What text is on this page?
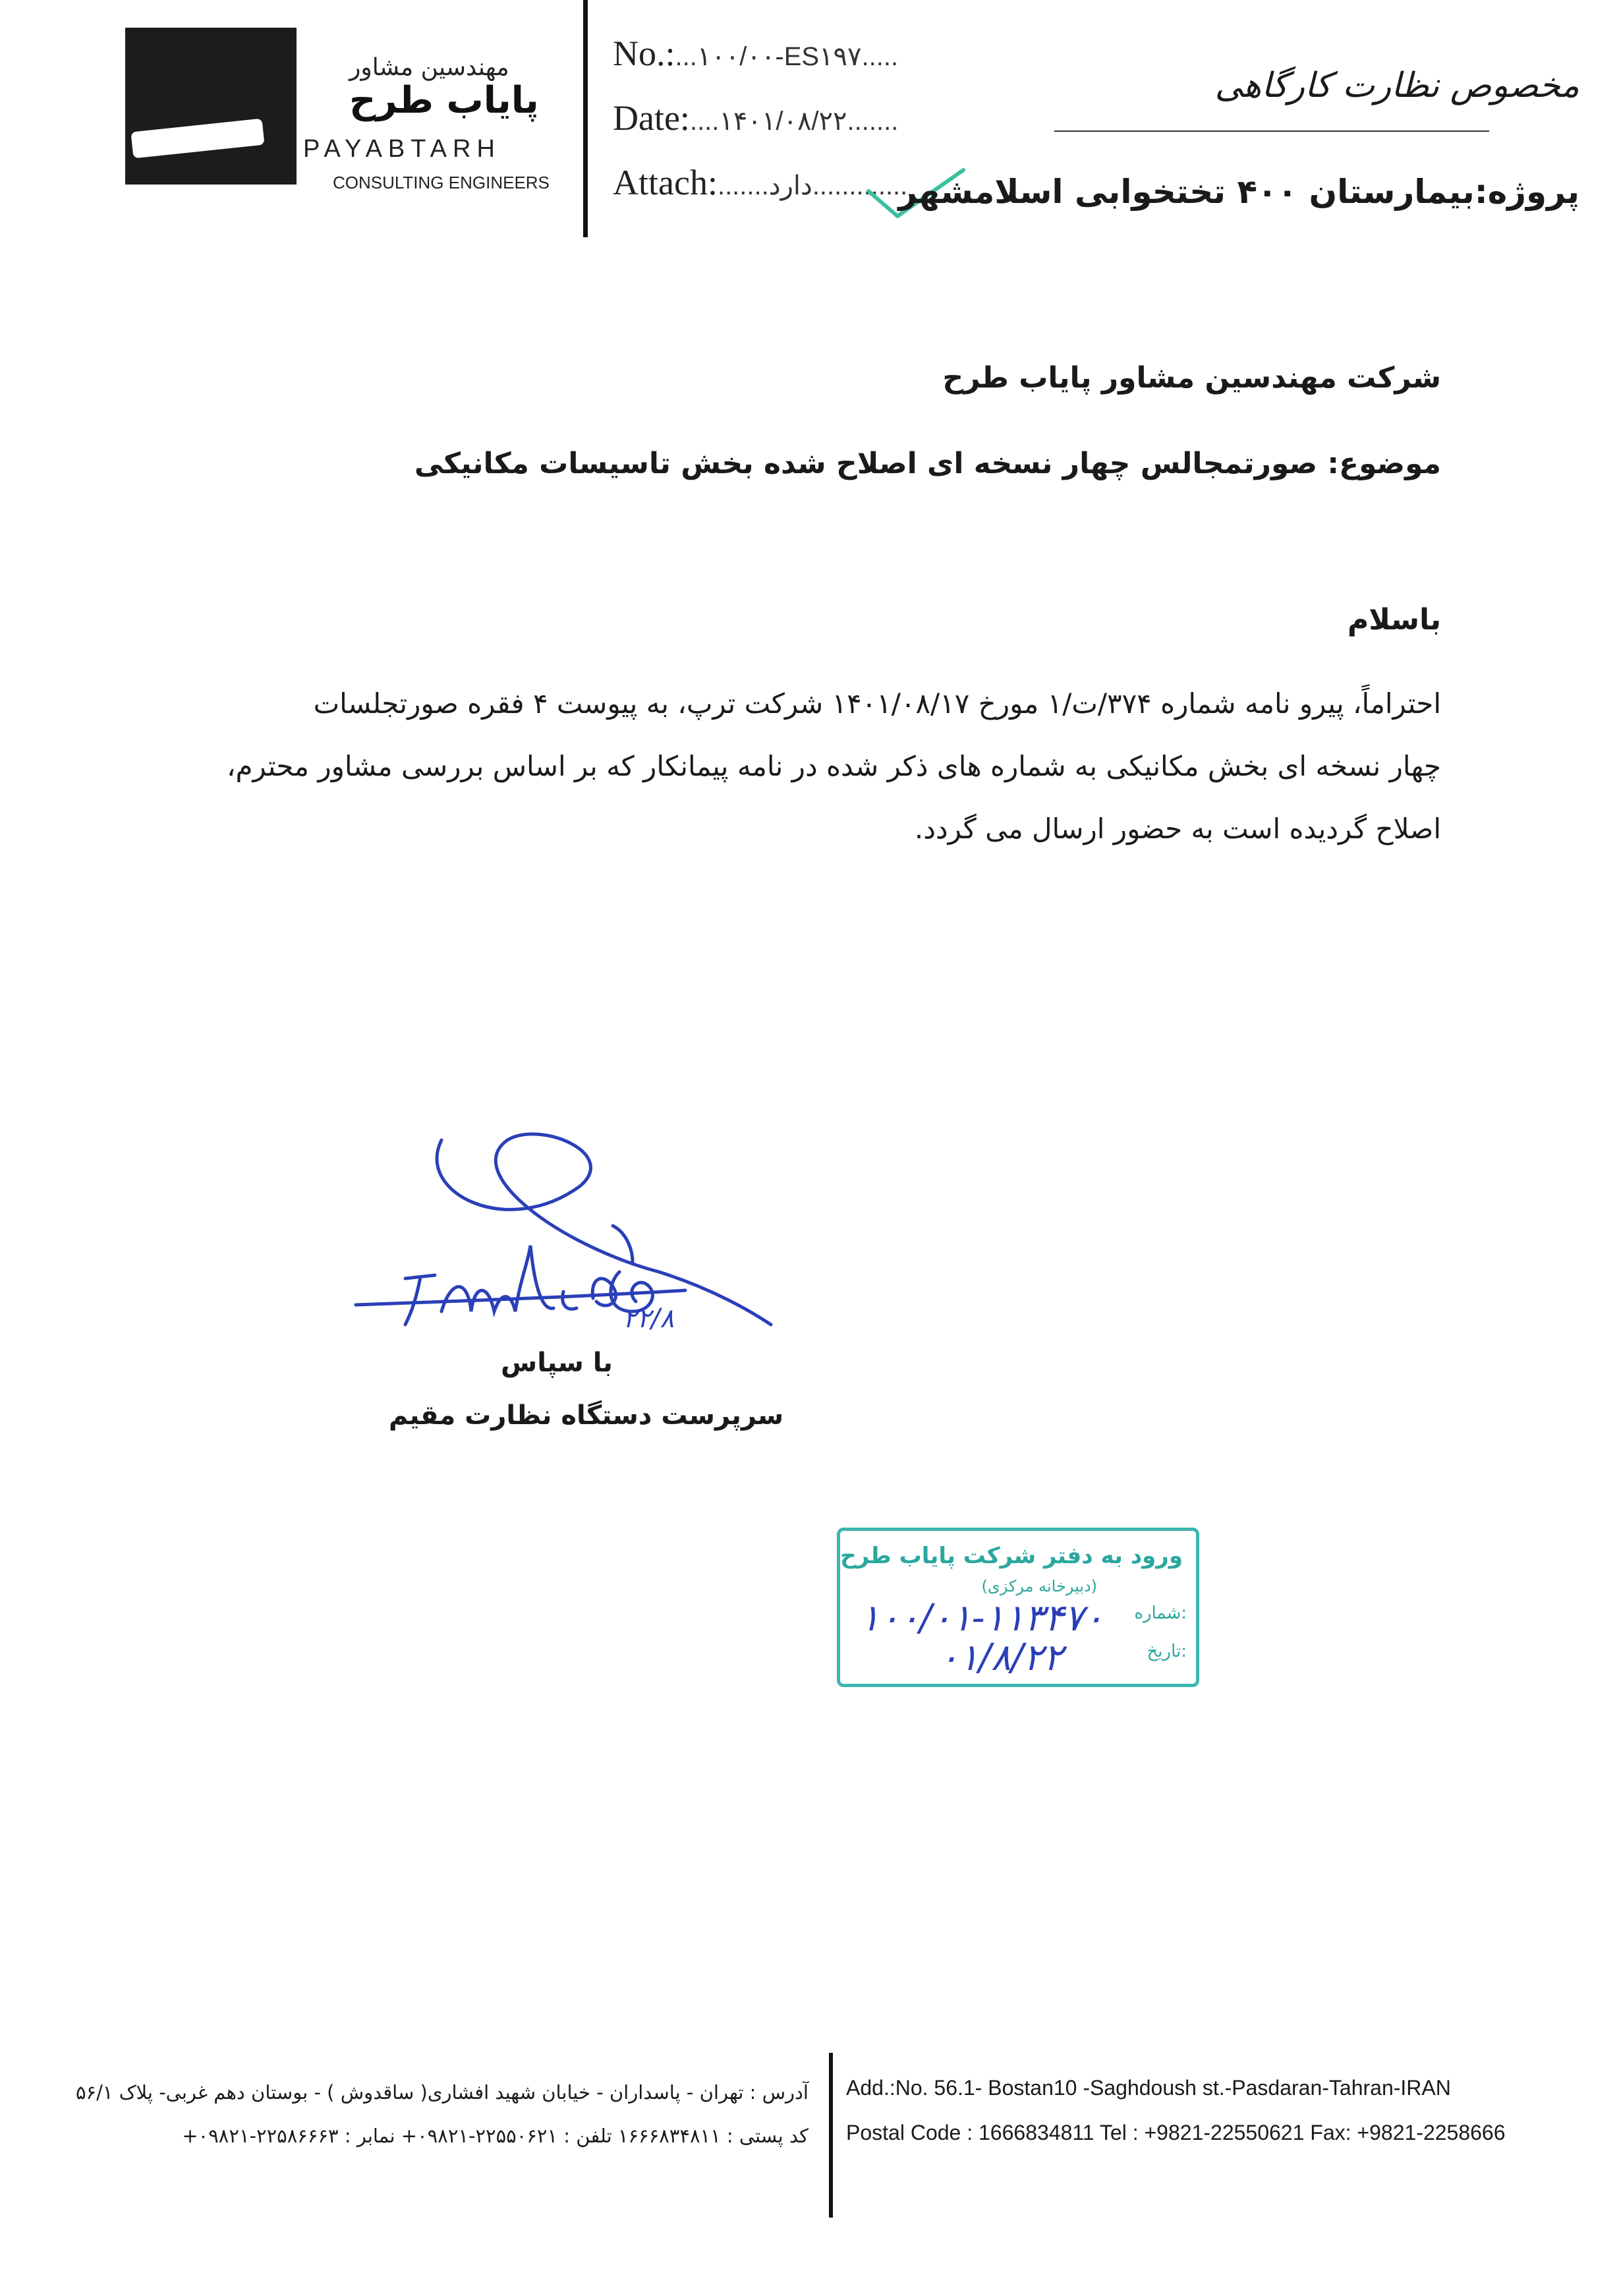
مهندسین مشاور
پایاب طرح
PAYABTARH
CONSULTING ENGINEERS
No.:...۱۰۰/۰۰-ES۱۹۷.....
Date:....۱۴۰۱/۰۸/۲۲.......
Attach:.......دارد.............
مخصوص نظارت کارگاهی
پروژه:بیمارستان ۴۰۰ تختخوابی اسلامشهر
شرکت مهندسین مشاور پایاب طرح
موضوع: صورتمجالس چهار نسخه ای اصلاح شده بخش تاسیسات مکانیکی
باسلام
احتراماً، پیرو نامه شماره ۳۷۴/ت/۱ مورخ ۱۴۰۱/۰۸/۱۷ شرکت ترپ، به پیوست ۴ فقره صورتجلسات
چهار نسخه ای بخش مکانیکی به شماره های ذکر شده در نامه پیمانکار که بر اساس بررسی مشاور محترم،
اصلاح گردیده است به حضور ارسال می گردد.
۲۲/۸
با سپاس
سرپرست دستگاه نظارت مقیم
ورود به دفتر شرکت پایاب طرح
(دبیرخانه مرکزی)
شماره:
تاریخ:
۱۰۰/۰۱-۱۱۳۴۷۰
۰۱/۸/۲۲
آدرس : تهران - پاسداران - خیابان شهید افشاری( ساقدوش ) - بوستان دهم غربی- پلاک ۵۶/۱
کد پستی : ۱۶۶۶۸۳۴۸۱۱ تلفن : ۲۲۵۵۰۶۲۱-۰۹۸۲۱+ نمابر : ۲۲۵۸۶۶۶۳-۰۹۸۲۱+
Add.:No. 56.1- Bostan10 -Saghdoush st.-Pasdaran-Tahran-IRAN
Postal Code : 1666834811 Tel : +9821-22550621 Fax: +9821-2258666
